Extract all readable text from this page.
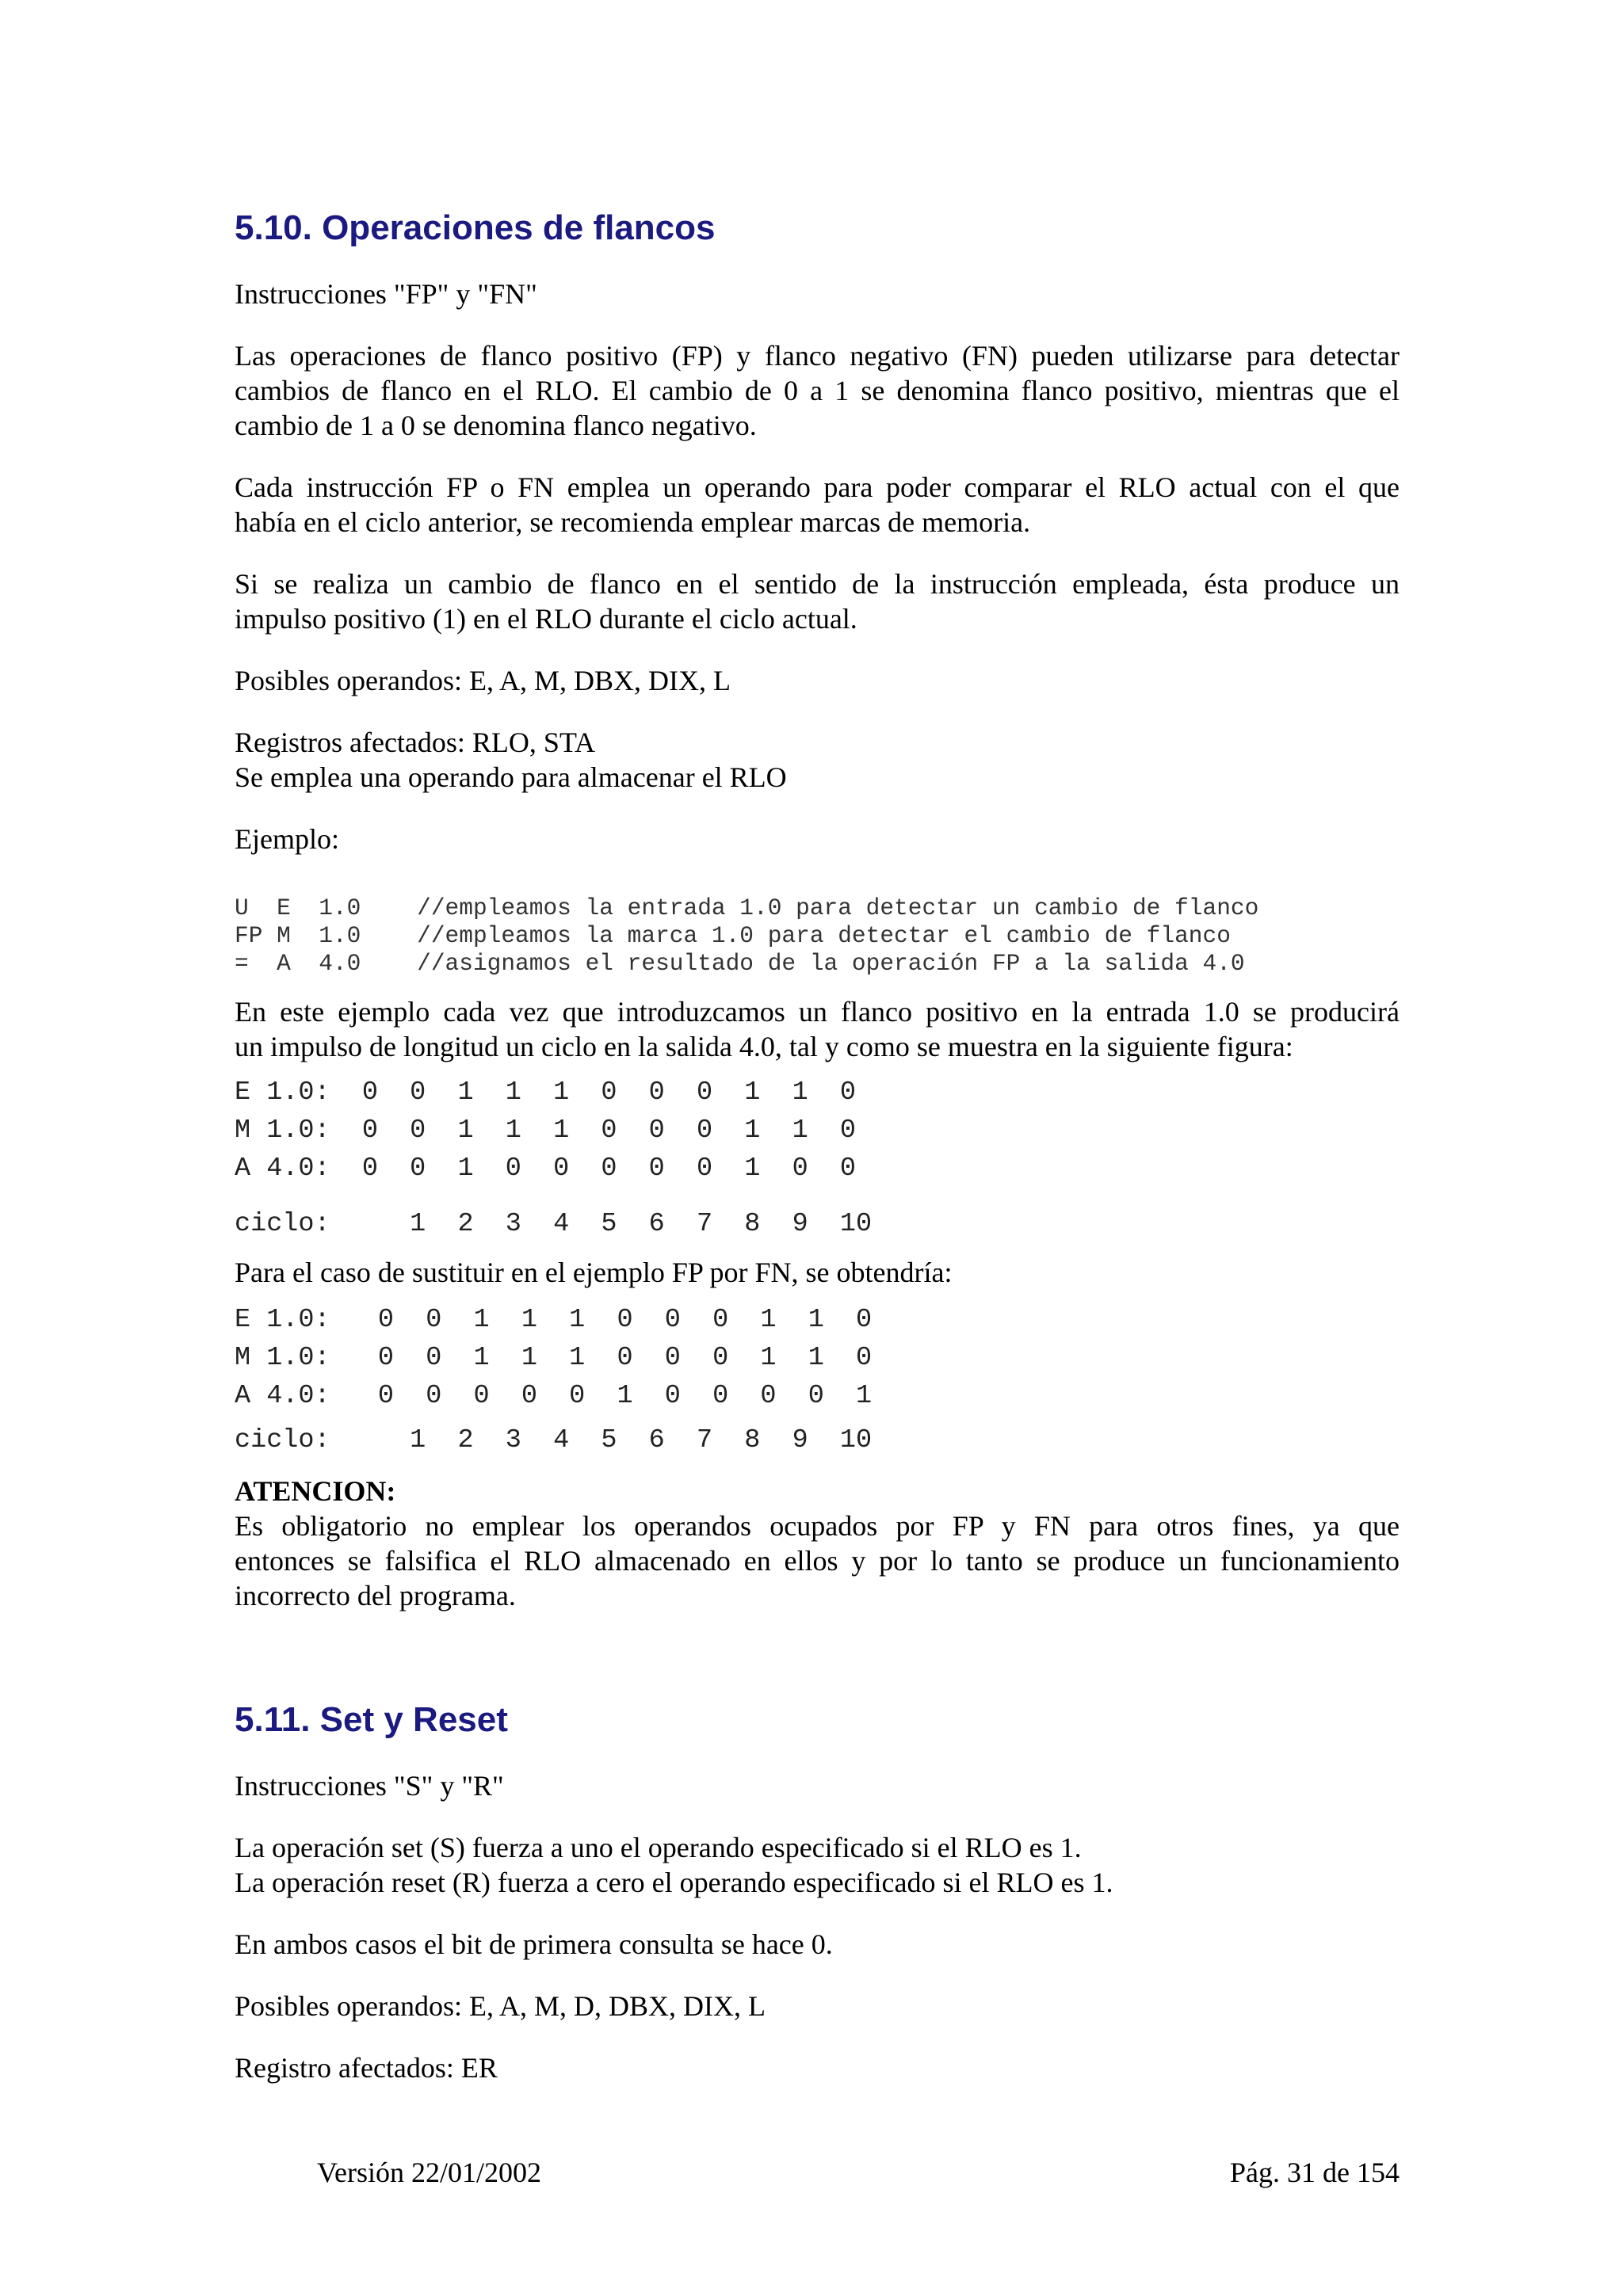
5.10. Operaciones de flancos

Instrucciones "FP" y "FN"

Las operaciones de flanco positivo (FP) y flanco negativo (FN) pueden utilizarse para detectar
cambios de flanco en el RLO. El cambio de 0 a 1 se denomina flanco positivo, mientras que el
cambio de 1 a 0 se denomina flanco negativo.
Cada instrucción FP o FN emplea un operando para poder comparar el RLO actual con el que
había en el ciclo anterior, se recomienda emplear marcas de memoria.
Si se realiza un cambio de flanco en el sentido de la instrucción empleada, ésta produce un
impulso positivo (1) en el RLO durante el ciclo actual.

Posibles operandos: E, A, M, DBX, DIX, L

Registros afectados: RLO, STA
Se emplea una operando para almacenar el RLO

Ejemplo:

U  E  1.0    //empleamos la entrada 1.0 para detectar un cambio de flanco
FP M  1.0    //empleamos la marca 1.0 para detectar el cambio de flanco
=  A  4.0    //asignamos el resultado de la operación FP a la salida 4.0
En este ejemplo cada vez que introduzcamos un flanco positivo en la entrada 1.0 se producirá
un impulso de longitud un ciclo en la salida 4.0, tal y como se muestra en la siguiente figura:
E 1.0:  0  0  1  1  1  0  0  0  1  1  0
M 1.0:  0  0  1  1  1  0  0  0  1  1  0
A 4.0:  0  0  1  0  0  0  0  0  1  0  0
ciclo:     1  2  3  4  5  6  7  8  9  10

Para el caso de sustituir en el ejemplo FP por FN, se obtendría:

E 1.0:   0  0  1  1  1  0  0  0  1  1  0
M 1.0:   0  0  1  1  1  0  0  0  1  1  0
A 4.0:   0  0  0  0  0  1  0  0  0  0  1
ciclo:     1  2  3  4  5  6  7  8  9  10
ATENCION:
Es obligatorio no emplear los operandos ocupados por FP y FN para otros fines, ya que
entonces se falsifica el RLO almacenado en ellos y por lo tanto se produce un funcionamiento
incorrecto del programa.
5.11. Set y Reset

Instrucciones "S" y "R"

La operación set (S) fuerza a uno el operando especificado si el RLO es 1.
La operación reset (R) fuerza a cero el operando especificado si el RLO es 1.

En ambos casos el bit de primera consulta se hace 0.

Posibles operandos: E, A, M, D, DBX, DIX, L

Registro afectados: ER

Versión 22/01/2002	Pág. 31 de 154
